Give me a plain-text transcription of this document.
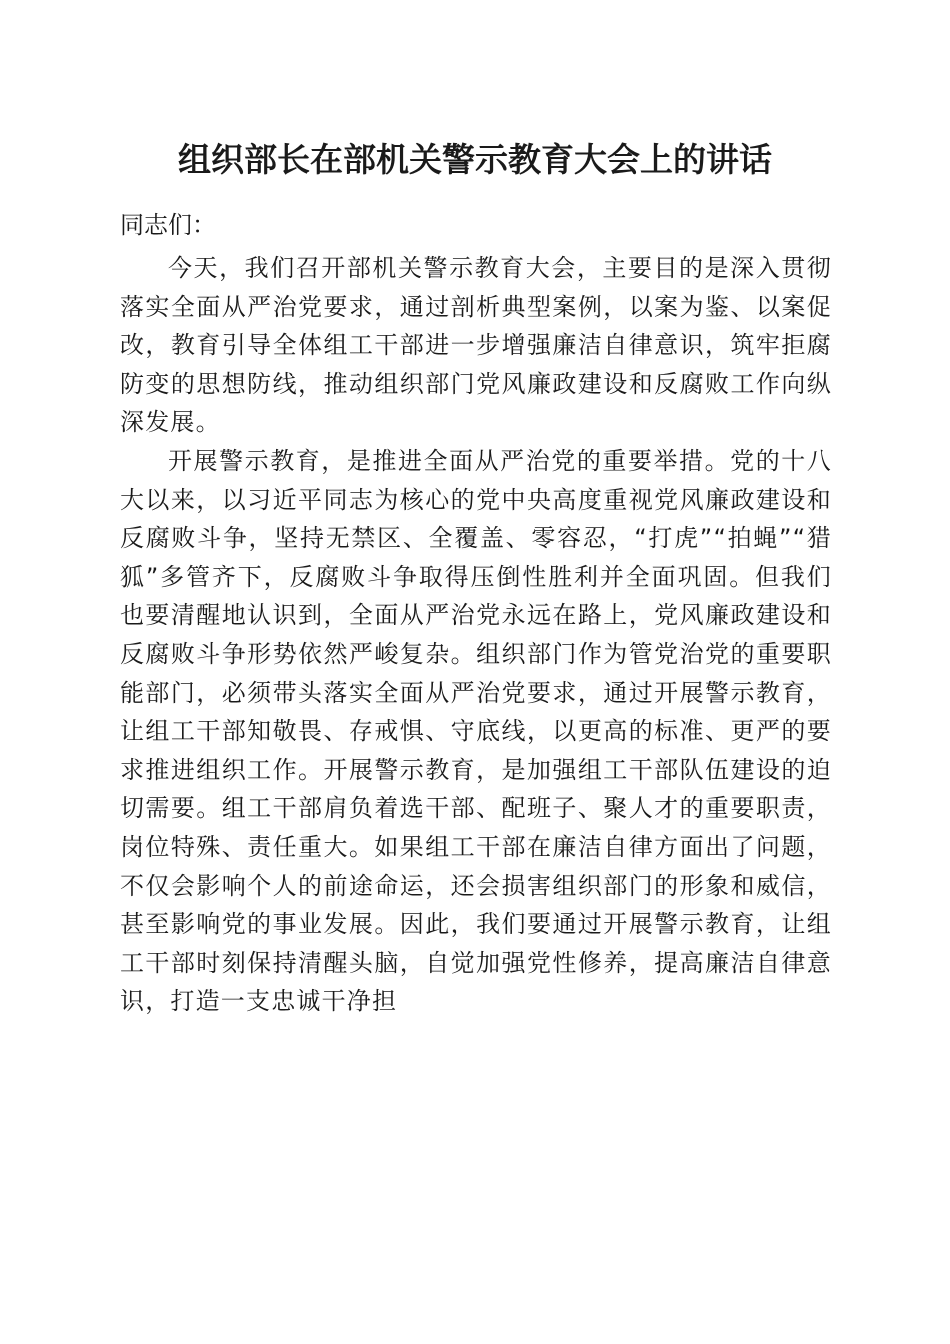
组织部长在部机关警示教育大会上的讲话

同志们：

今天，我们召开部机关警示教育大会，主要目的是深入贯彻落实全面从严治党要求，通过剖析典型案例，以案为鉴、以案促改，教育引导全体组工干部进一步增强廉洁自律意识，筑牢拒腐防变的思想防线，推动组织部门党风廉政建设和反腐败工作向纵深发展。

开展警示教育，是推进全面从严治党的重要举措。党的十八大以来，以习近平同志为核心的党中央高度重视党风廉政建设和反腐败斗争，坚持无禁区、全覆盖、零容忍，“打虎”“拍蝇”“猎狐”多管齐下，反腐败斗争取得压倒性胜利并全面巩固。但我们也要清醒地认识到，全面从严治党永远在路上，党风廉政建设和反腐败斗争形势依然严峻复杂。组织部门作为管党治党的重要职能部门，必须带头落实全面从严治党要求，通过开展警示教育，让组工干部知敬畏、存戒惧、守底线，以更高的标准、更严的要求推进组织工作。开展警示教育，是加强组工干部队伍建设的迫切需要。组工干部肩负着选干部、配班子、聚人才的重要职责，岗位特殊、责任重大。如果组工干部在廉洁自律方面出了问题，不仅会影响个人的前途命运，还会损害组织部门的形象和威信，甚至影响党的事业发展。因此，我们要通过开展警示教育，让组工干部时刻保持清醒头脑，自觉加强党性修养，提高廉洁自律意识，打造一支忠诚干净担
